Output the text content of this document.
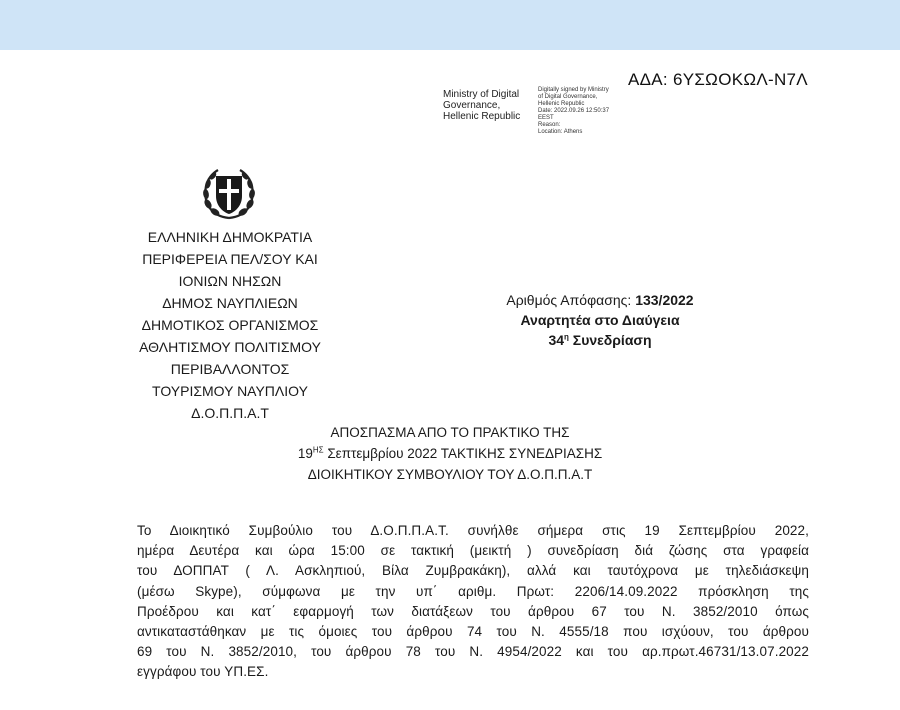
ΑΔΑ: 6ΥΣΩΟΚΩΛ-Ν7Λ
Ministry of Digital
Governance,
Hellenic Republic
Digitally signed by Ministry
of Digital Governance,
Hellenic Republic
Date: 2022.09.26 12:50:37
EEST
Reason:
Location: Athens
ΕΛΛΗΝΙΚΗ ΔΗΜΟΚΡΑΤΙΑ
ΠΕΡΙΦΕΡΕΙΑ ΠΕΛ/ΣΟΥ ΚΑΙ
ΙΟΝΙΩΝ ΝΗΣΩΝ
ΔΗΜΟΣ ΝΑΥΠΛΙΕΩΝ
ΔΗΜΟΤΙΚΟΣ ΟΡΓΑΝΙΣΜΟΣ
ΑΘΛΗΤΙΣΜΟΥ ΠΟΛΙΤΙΣΜΟΥ
ΠΕΡΙΒΑΛΛΟΝΤΟΣ
ΤΟΥΡΙΣΜΟΥ ΝΑΥΠΛΙΟΥ
Δ.Ο.Π.Π.Α.Τ
Αριθμός Απόφασης: 133/2022
Αναρτητέα στο Διαύγεια
$34^\eta$ Συνεδρίαση
ΑΠΟΣΠΑΣΜΑ ΑΠΟ ΤΟ ΠΡΑΚΤΙΚΟ ΤΗΣ
$19^{H\Sigma}$ Σεπτεμβρίου 2022 ΤΑΚΤΙΚΗΣ ΣΥΝΕΔΡΙΑΣΗΣ
ΔΙΟΙΚΗΤΙΚΟΥ ΣΥΜΒΟΥΛΙΟΥ ΤΟΥ Δ.Ο.Π.Π.Α.Τ
Το Διοικητικό Συμβούλιο του Δ.Ο.Π.Π.Α.Τ. συνήλθε σήμερα στις 19 Σεπτεμβρίου 2022,
ημέρα Δευτέρα και ώρα 15:00 σε τακτική (μεικτή ) συνεδρίαση διά ζώσης στα γραφεία
του ΔΟΠΠΑΤ ( Λ. Ασκληπιού, Βίλα Ζυμβρακάκη), αλλά και ταυτόχρονα με τηλεδιάσκεψη
(μέσω Skype), σύμφωνα με την υπ΄ αριθμ. Πρωτ: 2206/14.09.2022 πρόσκληση της
Προέδρου και κατ΄ εφαρμογή των διατάξεων του άρθρου 67 του Ν. 3852/2010 όπως
αντικαταστάθηκαν με τις όμοιες του άρθρου 74 του Ν. 4555/18 που ισχύουν, του άρθρου
69 του Ν. 3852/2010, του άρθρου 78 του Ν. 4954/2022 και του αρ.πρωτ.46731/13.07.2022
εγγράφου του ΥΠ.ΕΣ.
